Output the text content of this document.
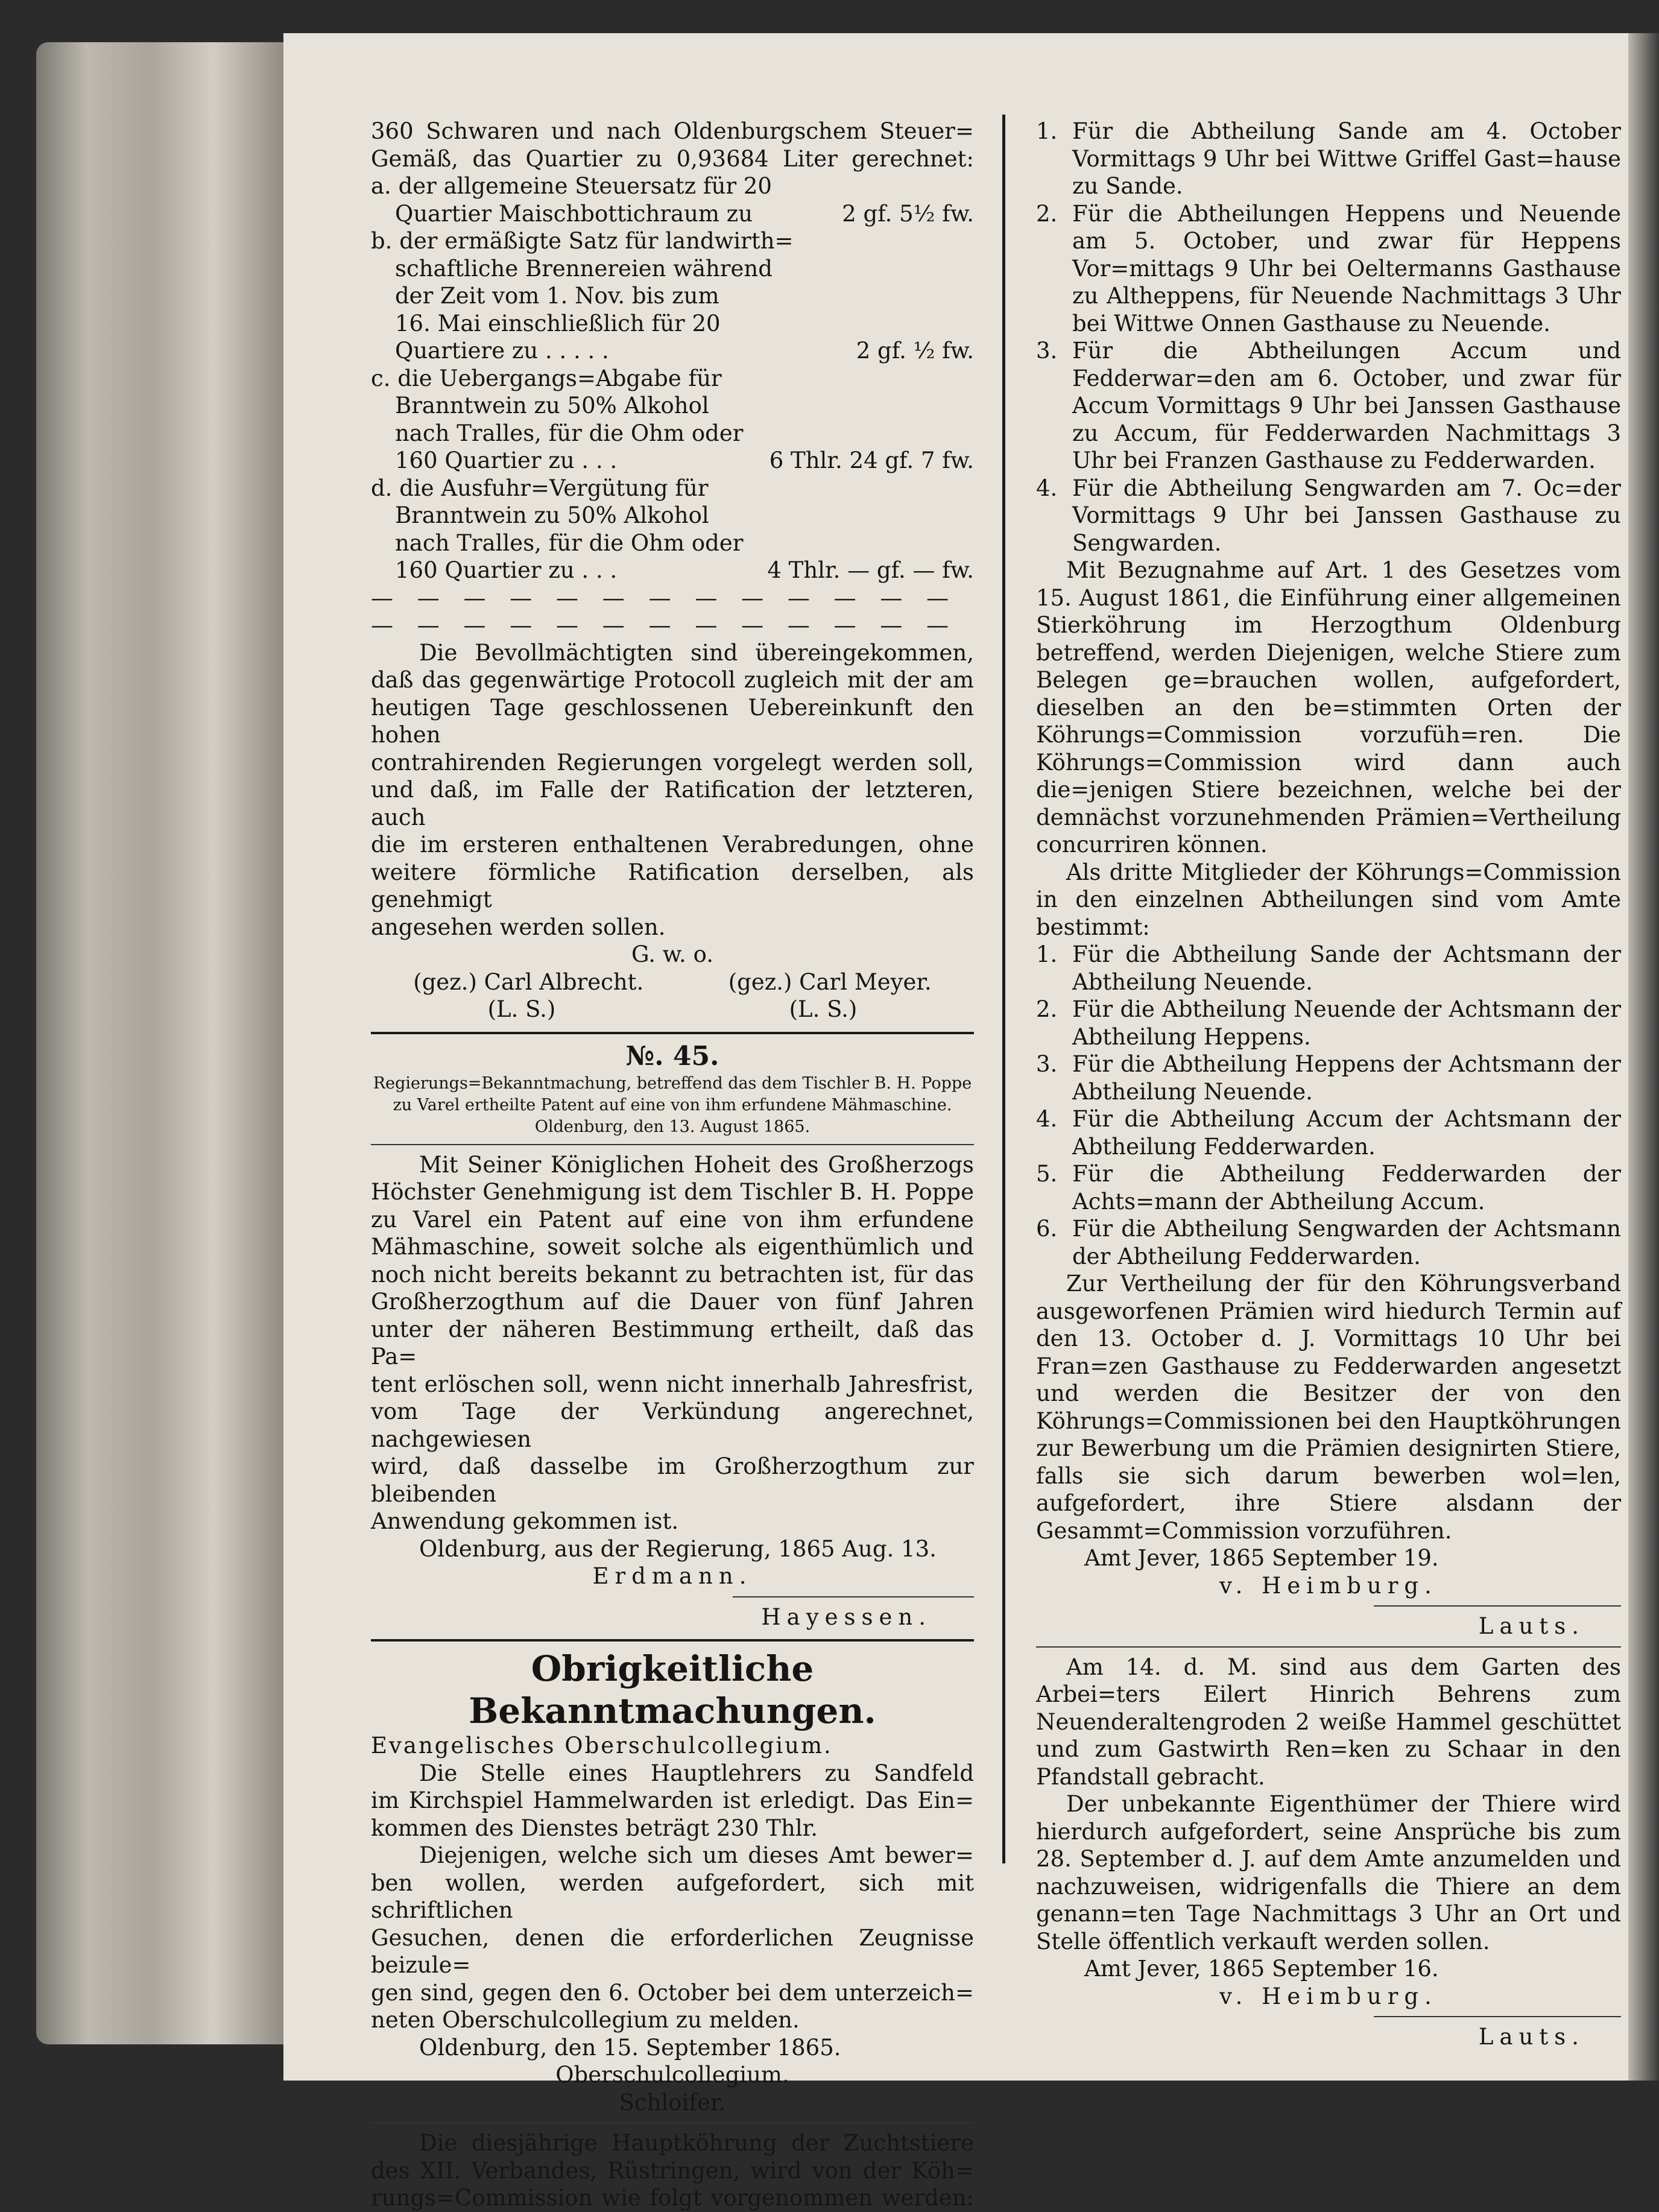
360 Schwaren und nach Oldenburgschem Steuer=
Gemäß, das Quartier zu 0,93684 Liter gerechnet:
a. der allgemeine Steuersatz für 20
Quartier Maischbottichraum zu	2 gf. 5½ fw.
b. der ermäßigte Satz für landwirth=
schaftliche Brennereien während
der Zeit vom 1. Nov. bis zum
16. Mai einschließlich für 20
Quartiere zu . . . . .	2 gf. ½ fw.
c. die Uebergangs=Abgabe für
Branntwein zu 50% Alkohol
nach Tralles, für die Ohm oder
160 Quartier zu . . .	6 Thlr. 24 gf. 7 fw.
d. die Ausfuhr=Vergütung für
Branntwein zu 50% Alkohol
nach Tralles, für die Ohm oder
160 Quartier zu . . .	4 Thlr. — gf. — fw.
— — — — — — — — — — — — —
— — — — — — — — — — — — —
Die Bevollmächtigten sind übereingekommen,
daß das gegenwärtige Protocoll zugleich mit der am
heutigen Tage geschlossenen Uebereinkunft den hohen
contrahirenden Regierungen vorgelegt werden soll,
und daß, im Falle der Ratification der letzteren, auch
die im ersteren enthaltenen Verabredungen, ohne
weitere förmliche Ratification derselben, als genehmigt
angesehen werden sollen.
G. w. o.
(gez.) Carl Albrecht.	(gez.) Carl Meyer.
(L. S.)	(L. S.)
№. 45.
Regierungs=Bekanntmachung, betreffend das dem Tischler B. H. Poppe
zu Varel ertheilte Patent auf eine von ihm erfundene Mähmaschine.
Oldenburg, den 13. August 1865.
Mit Seiner Königlichen Hoheit des Großherzogs
Höchster Genehmigung ist dem Tischler B. H. Poppe
zu Varel ein Patent auf eine von ihm erfundene
Mähmaschine, soweit solche als eigenthümlich und
noch nicht bereits bekannt zu betrachten ist, für das
Großherzogthum auf die Dauer von fünf Jahren
unter der näheren Bestimmung ertheilt, daß das Pa=
tent erlöschen soll, wenn nicht innerhalb Jahresfrist,
vom Tage der Verkündung angerechnet, nachgewiesen
wird, daß dasselbe im Großherzogthum zur bleibenden
Anwendung gekommen ist.
Oldenburg, aus der Regierung, 1865 Aug. 13.
Erdmann.
Hayessen.
Obrigkeitliche Bekanntmachungen.
Evangelisches Oberschulcollegium.
Die Stelle eines Hauptlehrers zu Sandfeld
im Kirchspiel Hammelwarden ist erledigt. Das Ein=
kommen des Dienstes beträgt 230 Thlr.
Diejenigen, welche sich um dieses Amt bewer=
ben wollen, werden aufgefordert, sich mit schriftlichen
Gesuchen, denen die erforderlichen Zeugnisse beizule=
gen sind, gegen den 6. October bei dem unterzeich=
neten Oberschulcollegium zu melden.
Oldenburg, den 15. September 1865.
Oberschulcollegium.
Schloifer.
Die diesjährige Hauptköhrung der Zuchtstiere
des XII. Verbandes, Rüstringen, wird von der Köh=
rungs=Commission wie folgt vorgenommen werden:
1. Für die Abtheilung Sande am 4. October Vormittags 9 Uhr bei Wittwe Griffel Gast=hause zu Sande.
2. Für die Abtheilungen Heppens und Neuende am 5. October, und zwar für Heppens Vor=mittags 9 Uhr bei Oeltermanns Gasthause zu Altheppens, für Neuende Nachmittags 3 Uhr bei Wittwe Onnen Gasthause zu Neuende.
3. Für die Abtheilungen Accum und Fedderwar=den am 6. October, und zwar für Accum Vormittags 9 Uhr bei Janssen Gasthause zu Accum, für Fedderwarden Nachmittags 3 Uhr bei Franzen Gasthause zu Fedderwarden.
4. Für die Abtheilung Sengwarden am 7. Oc=der Vormittags 9 Uhr bei Janssen Gasthause zu Sengwarden.

Mit Bezugnahme auf Art. 1 des Gesetzes vom 15. August 1861, die Einführung einer allgemeinen Stierköhrung im Herzogthum Oldenburg betreffend, werden Diejenigen, welche Stiere zum Belegen ge=brauchen wollen, aufgefordert, dieselben an den be=stimmten Orten der Köhrungs=Commission vorzufüh=ren. Die Köhrungs=Commission wird dann auch die=jenigen Stiere bezeichnen, welche bei der demnächst vorzunehmenden Prämien=Vertheilung concurriren können.

Als dritte Mitglieder der Köhrungs=Commission in den einzelnen Abtheilungen sind vom Amte bestimmt:

1. Für die Abtheilung Sande der Achtsmann der Abtheilung Neuende.
2. Für die Abtheilung Neuende der Achtsmann der Abtheilung Heppens.
3. Für die Abtheilung Heppens der Achtsmann der Abtheilung Neuende.
4. Für die Abtheilung Accum der Achtsmann der Abtheilung Fedderwarden.
5. Für die Abtheilung Fedderwarden der Achts=mann der Abtheilung Accum.
6. Für die Abtheilung Sengwarden der Achtsmann der Abtheilung Fedderwarden.

Zur Vertheilung der für den Köhrungsverband ausgeworfenen Prämien wird hiedurch Termin auf den 13. October d. J. Vormittags 10 Uhr bei Fran=zen Gasthause zu Fedderwarden angesetzt und werden die Besitzer der von den Köhrungs=Commissionen bei den Hauptköhrungen zur Bewerbung um die Prämien designirten Stiere, falls sie sich darum bewerben wol=len, aufgefordert, ihre Stiere alsdann der Gesammt=Commission vorzuführen.

Amt Jever, 1865 September 19.
v. Heimburg.
Lauts.

Am 14. d. M. sind aus dem Garten des Arbei=ters Eilert Hinrich Behrens zum Neuenderaltengroden 2 weiße Hammel geschüttet und zum Gastwirth Ren=ken zu Schaar in den Pfandstall gebracht.

Der unbekannte Eigenthümer der Thiere wird hierdurch aufgefordert, seine Ansprüche bis zum 28. September d. J. auf dem Amte anzumelden und nachzuweisen, widrigenfalls die Thiere an dem genann=ten Tage Nachmittags 3 Uhr an Ort und Stelle öffentlich verkauft werden sollen.

Amt Jever, 1865 September 16.
v. Heimburg.
Lauts.
